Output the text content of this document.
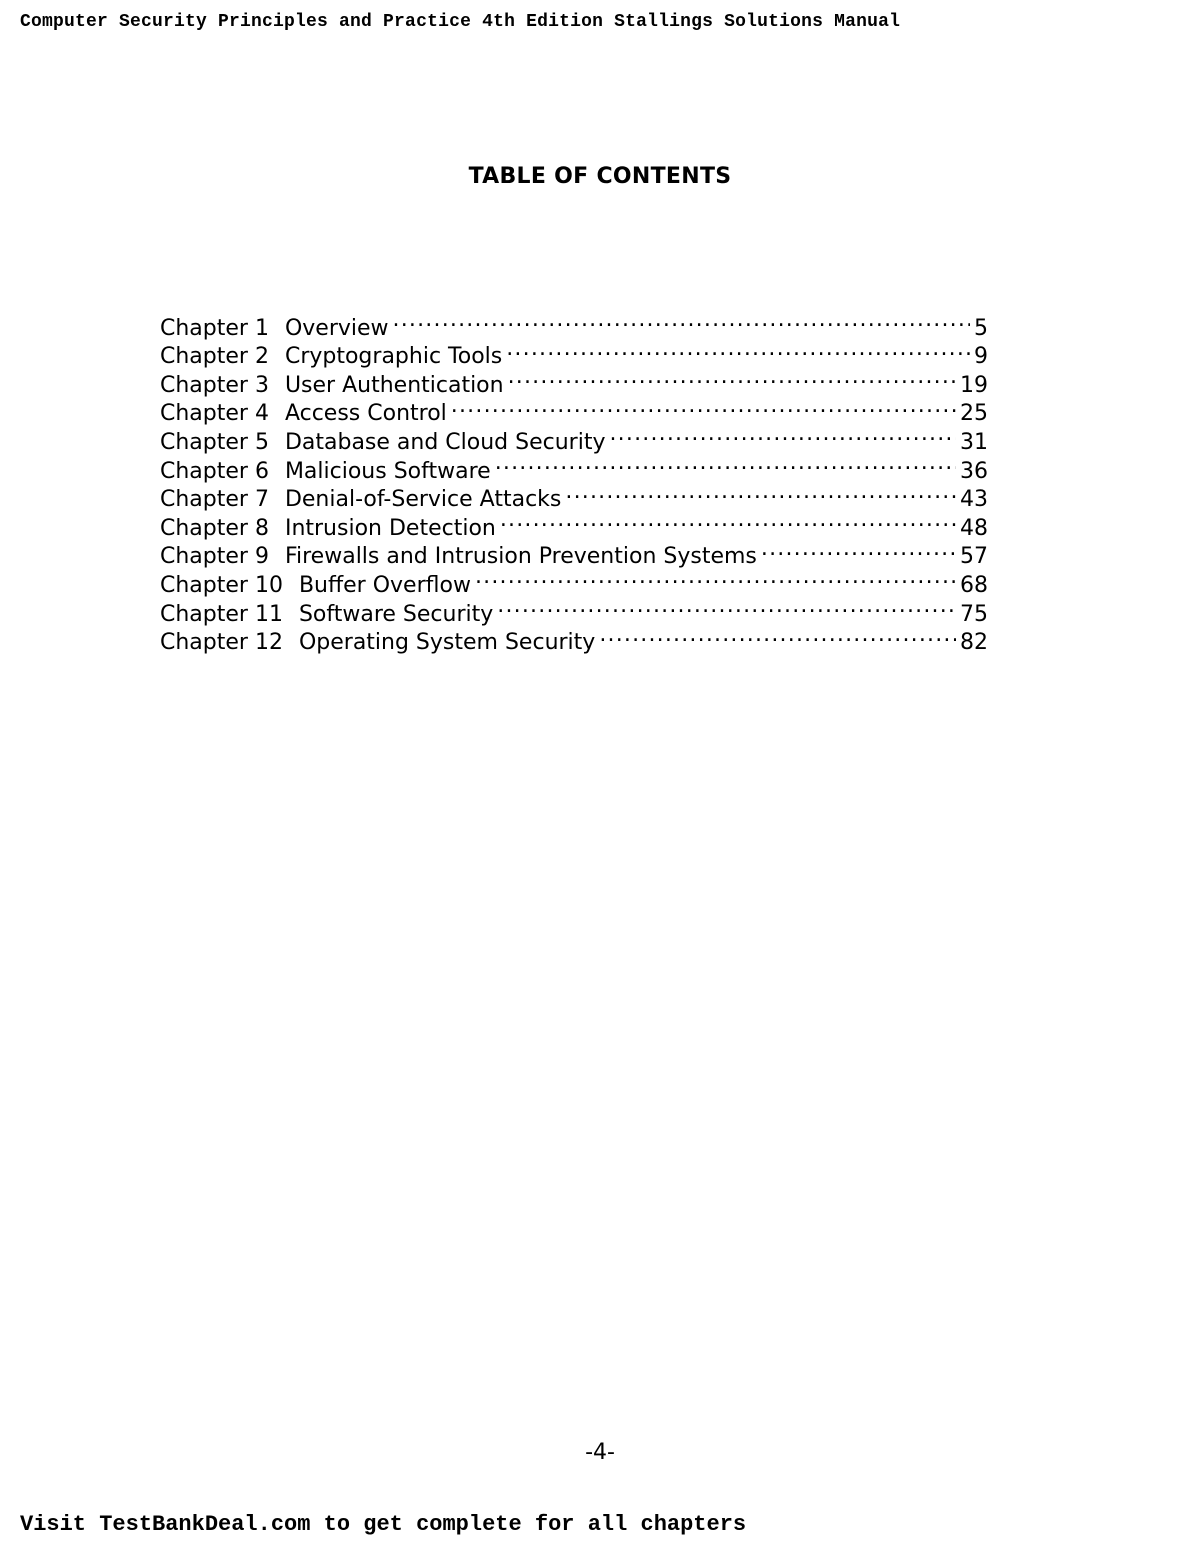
Computer Security Principles and Practice 4th Edition Stallings Solutions Manual
TABLE OF CONTENTS
Chapter 1 Overview .....	5
Chapter 2 Cryptographic Tools .....	9
Chapter 3 User Authentication .....	19
Chapter 4 Access Control .....	25
Chapter 5 Database and Cloud Security .....	31
Chapter 6 Malicious Software .....	36
Chapter 7 Denial-of-Service Attacks .....	43
Chapter 8 Intrusion Detection .....	48
Chapter 9 Firewalls and Intrusion Prevention Systems .....	57
Chapter 10 Buffer Overflow .....	68
Chapter 11 Software Security .....	75
Chapter 12 Operating System Security .....	82
-4-
Visit TestBankDeal.com to get complete for all chapters
